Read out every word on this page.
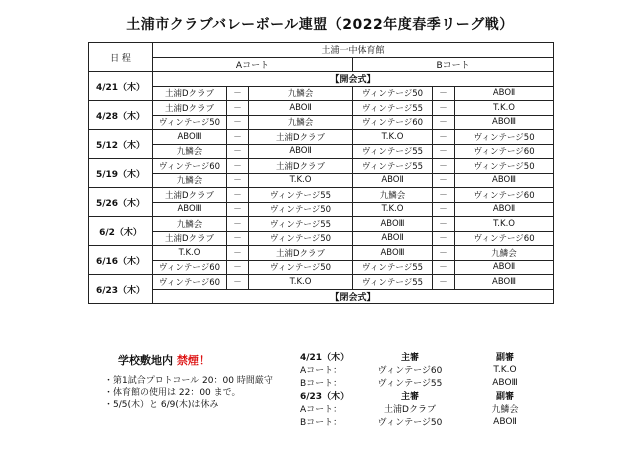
土浦市クラブバレーボール連盟（2022年度春季リーグ戦）
日 程	土浦一中体育館					
	Aコート			Bコート		
4/21（木）	【開会式】					
	土浦Dクラブ	－	九鱗会	ヴィンテージ50	－	ABOⅡ
4/28（木）	土浦Dクラブ	－	ABOⅡ	ヴィンテージ55	－	T.K.O
	ヴィンテージ50	－	九鱗会	ヴィンテージ60	－	ABOⅢ
5/12（木）	ABOⅢ	－	土浦Dクラブ	T.K.O	－	ヴィンテージ50
	九鱗会	－	ABOⅡ	ヴィンテージ55	－	ヴィンテージ60
5/19（木）	ヴィンテージ60	－	土浦Dクラブ	ヴィンテージ55	－	ヴィンテージ50
	九鱗会	－	T.K.O	ABOⅡ	－	ABOⅢ
5/26（木）	土浦Dクラブ	－	ヴィンテージ55	九鱗会	－	ヴィンテージ60
	ABOⅢ	－	ヴィンテージ50	T.K.O	－	ABOⅡ
6/2（木）	九鱗会	－	ヴィンテージ55	ABOⅢ	－	T.K.O
	土浦Dクラブ	－	ヴィンテージ50	ABOⅡ	－	ヴィンテージ60
6/16（木）	T.K.O	－	土浦Dクラブ	ABOⅢ	－	九鱗会
	ヴィンテージ60	－	ヴィンテージ50	ヴィンテージ55	－	ABOⅡ
6/23（木）	ヴィンテージ60	－	T.K.O	ヴィンテージ55	－	ABOⅢ
	【閉会式】					
学校敷地内 禁煙！
・第1試合プロトコール 20：00 時間厳守
・体育館の使用は 22：00 まで。
・5/5(木）と 6/9(木)は休み
4/21（木）	主審	副審
Aコート：	ヴィンテージ60	T.K.O
Bコート：	ヴィンテージ55	ABOⅢ
6/23（木）	主審	副審
Aコート：	土浦Dクラブ	九鱗会
Bコート：	ヴィンテージ50	ABOⅡ
